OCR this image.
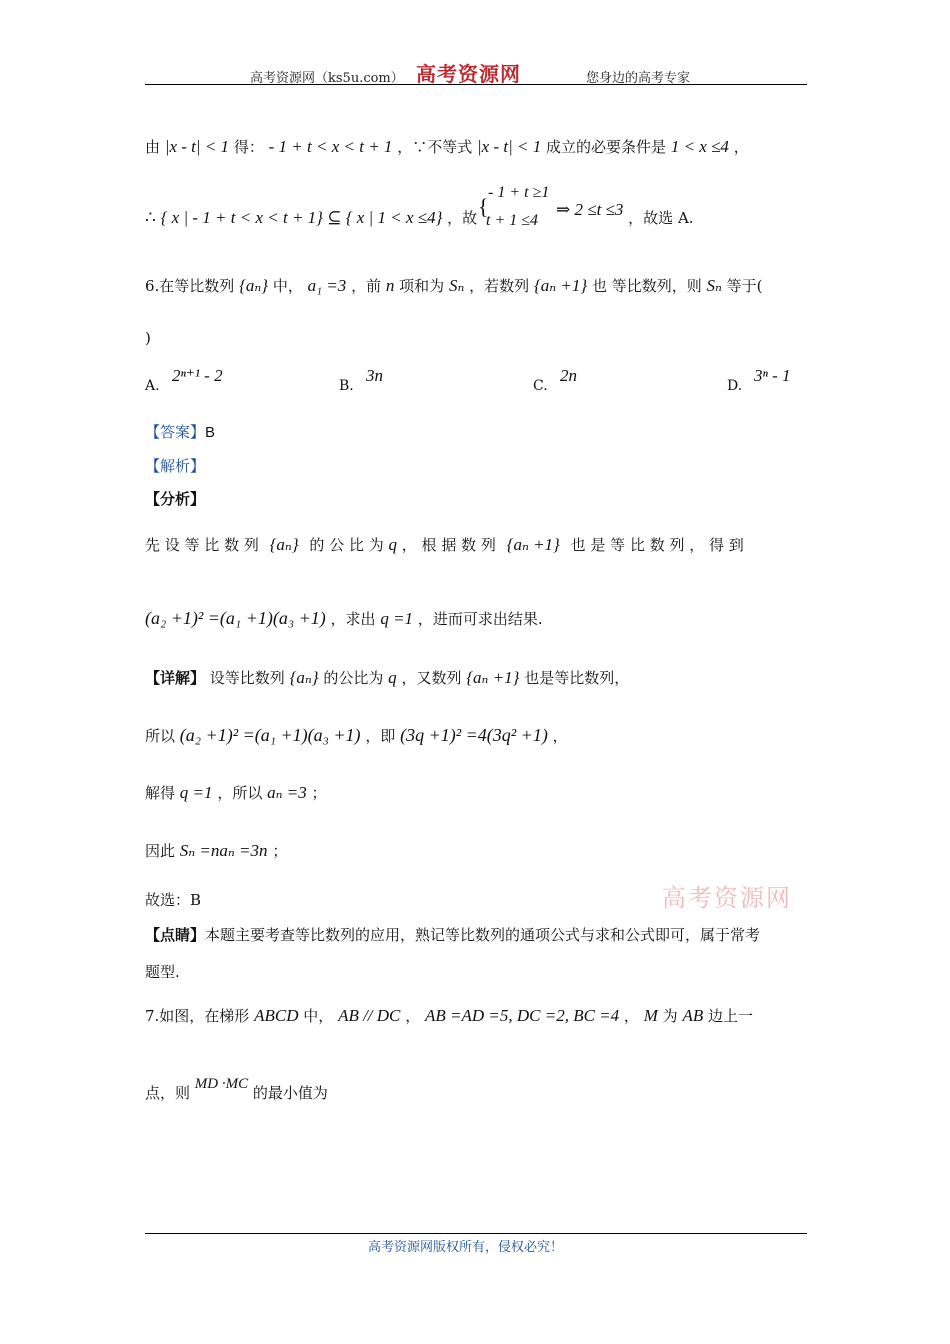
高考资源网（ks5u.com） 高考资源网	您身边的高考专家
由 |x - t| < 1 得： - 1 + t < x < t + 1 ，∵不等式 |x - t| < 1 成立的必要条件是 1 < x ≤4 ，
∴ { x | - 1 + t < x < t + 1} ⊆ { x | 1 < x ≤4} ，故 {
- 1 + t ≥1
t + 1 ≤4
⇒ 2 ≤t ≤3 ，故选 A.
6.在等比数列 {aₙ} 中， a₁ =3 ，前 n 项和为 Sₙ ，若数列 {aₙ +1} 也 等比数列，则 Sₙ 等于(
)
A.
2ⁿ⁺¹ - 2
B.
3n
C.
2n
D.
3ⁿ - 1
【答案】B
【解析】
【分析】
先 设 等 比 数 列 {aₙ} 的 公 比 为 q ， 根 据 数 列 {aₙ +1} 也 是 等 比 数 列 ， 得 到
(a₂ +1)² =(a₁ +1)(a₃ +1) ，求出 q =1 ，进而可求出结果.
【详解】 设等比数列 {aₙ} 的公比为 q ，又数列 {aₙ +1} 也是等比数列，
所以 (a₂ +1)² =(a₁ +1)(a₃ +1) ，即 (3q +1)² =4(3q² +1) ，
解得 q =1 ，所以 aₙ =3 ；
因此 Sₙ =naₙ =3n ；
故选：B	高考资源网
【点睛】本题主要考查等比数列的应用，熟记等比数列的通项公式与求和公式即可，属于常考
题型.
7.如图，在梯形 ABCD 中， AB // DC ， AB =AD =5, DC =2, BC =4 ， M 为 AB 边上一
点，则 MD ·MC 的最小值为
高考资源网版权所有，侵权必究！
